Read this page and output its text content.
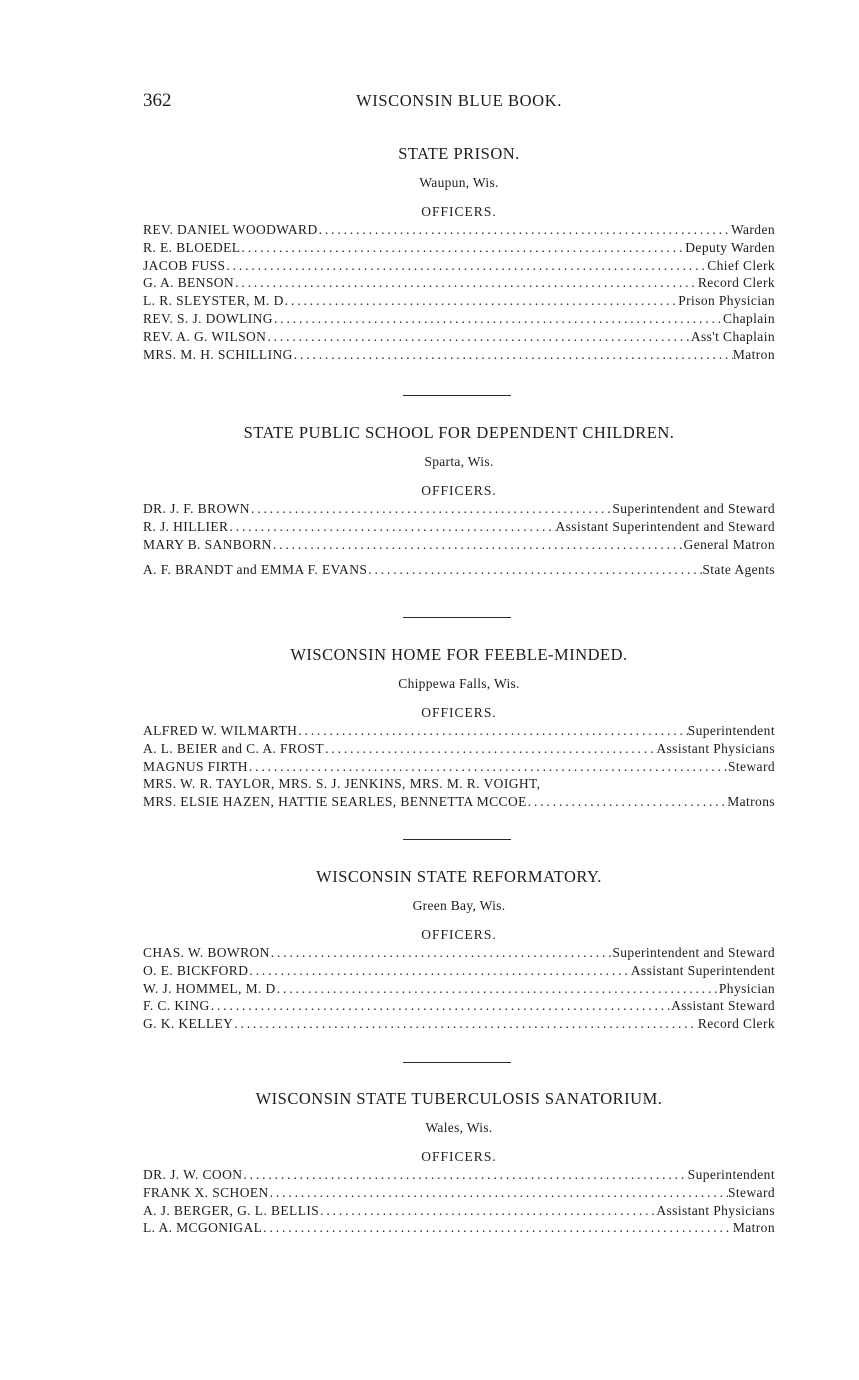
362	WISCONSIN BLUE BOOK.
STATE PRISON.
Waupun, Wis.
OFFICERS.
REV. DANIEL WOODWARD . . .	Warden
R. E. BLOEDEL . . .	Deputy Warden
JACOB FUSS . . .	Chief Clerk
G. A. BENSON . . .	Record Clerk
L. R. SLEYSTER, M. D . . .	Prison Physician
REV. S. J. DOWLING . . .	Chaplain
REV. A. G. WILSON . . .	Ass't Chaplain
MRS. M. H. SCHILLING . . .	Matron
STATE PUBLIC SCHOOL FOR DEPENDENT CHILDREN.
Sparta, Wis.
OFFICERS.
DR. J. F. BROWN . . .	Superintendent and Steward
R. J. HILLIER . . .	Assistant Superintendent and Steward
MARY B. SANBORN . . .	General Matron
A. F. BRANDT and EMMA F. EVANS . . .	State Agents
WISCONSIN HOME FOR FEEBLE-MINDED.
Chippewa Falls, Wis.
OFFICERS.
ALFRED W. WILMARTH . . .	Superintendent
A. L. BEIER and C. A. FROST . . .	Assistant Physicians
MAGNUS FIRTH . . .	Steward
MRS. W. R. TAYLOR, MRS. S. J. JENKINS, MRS. M. R. VOIGHT,
MRS. ELSIE HAZEN, HATTIE SEARLES, BENNETTA MCCOE . . .	Matrons
WISCONSIN STATE REFORMATORY.
Green Bay, Wis.
OFFICERS.
CHAS. W. BOWRON . . .	Superintendent and Steward
O. E. BICKFORD . . .	Assistant Superintendent
W. J. HOMMEL, M. D . . .	Physician
F. C. KING . . .	Assistant Steward
G. K. KELLEY . . .	Record Clerk
WISCONSIN STATE TUBERCULOSIS SANATORIUM.
Wales, Wis.
OFFICERS.
DR. J. W. COON . . .	Superintendent
FRANK X. SCHOEN . . .	Steward
A. J. BERGER, G. L. BELLIS . . .	Assistant Physicians
L. A. MCGONIGAL . . .	Matron
